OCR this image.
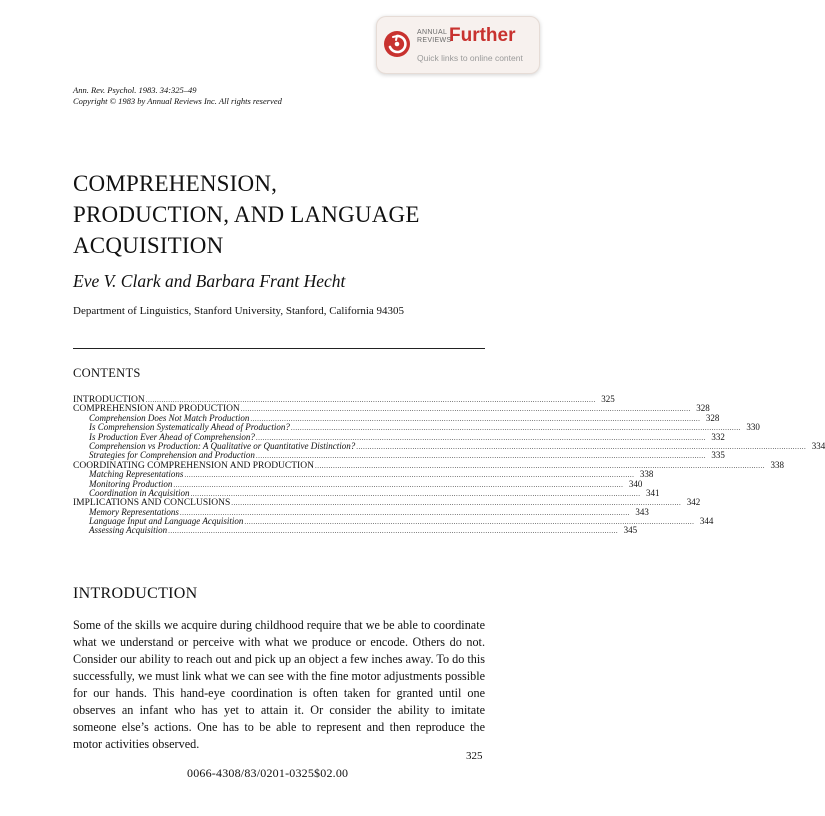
ANNUAL REVIEWS
Further
Quick links to online content
Ann. Rev. Psychol. 1983. 34:325–49
Copyright © 1983 by Annual Reviews Inc. All rights reserved
COMPREHENSION,
PRODUCTION, AND LANGUAGE
ACQUISITION
Eve V. Clark and Barbara Frant Hecht
Department of Linguistics, Stanford University, Stanford, California 94305
CONTENTS
INTRODUCTION ........................................................................................................................................................................................................ 325
COMPREHENSION AND PRODUCTION ........................................................................................................................................................................................................ 328
Comprehension Does Not Match Production ........................................................................................................................................................................................................ 328
Is Comprehension Systematically Ahead of Production? ........................................................................................................................................................................................................ 330
Is Production Ever Ahead of Comprehension? ........................................................................................................................................................................................................ 332
Comprehension vs Production: A Qualitative or Quantitative Distinction? ........................................................................................................................................................................................................ 334
Strategies for Comprehension and Production ........................................................................................................................................................................................................ 335
COORDINATING COMPREHENSION AND PRODUCTION ........................................................................................................................................................................................................ 338
Matching Representations ........................................................................................................................................................................................................ 338
Monitoring Production ........................................................................................................................................................................................................ 340
Coordination in Acquisition ........................................................................................................................................................................................................ 341
IMPLICATIONS AND CONCLUSIONS ........................................................................................................................................................................................................ 342
Memory Representations ........................................................................................................................................................................................................ 343
Language Input and Language Acquisition ........................................................................................................................................................................................................ 344
Assessing Acquisition ........................................................................................................................................................................................................ 345
INTRODUCTION
Some of the skills we acquire during childhood require that we be able to coordinate what we understand or perceive with what we produce or encode. Others do not. Consider our ability to reach out and pick up an object a few inches away. To do this successfully, we must link what we can see with the fine motor adjustments possible for our hands. This hand-eye coordination is often taken for granted until one observes an infant who has yet to attain it. Or consider the ability to imitate someone else’s actions. One has to be able to represent and then reproduce the motor activities observed.
325
0066-4308/83/0201-0325$02.00
